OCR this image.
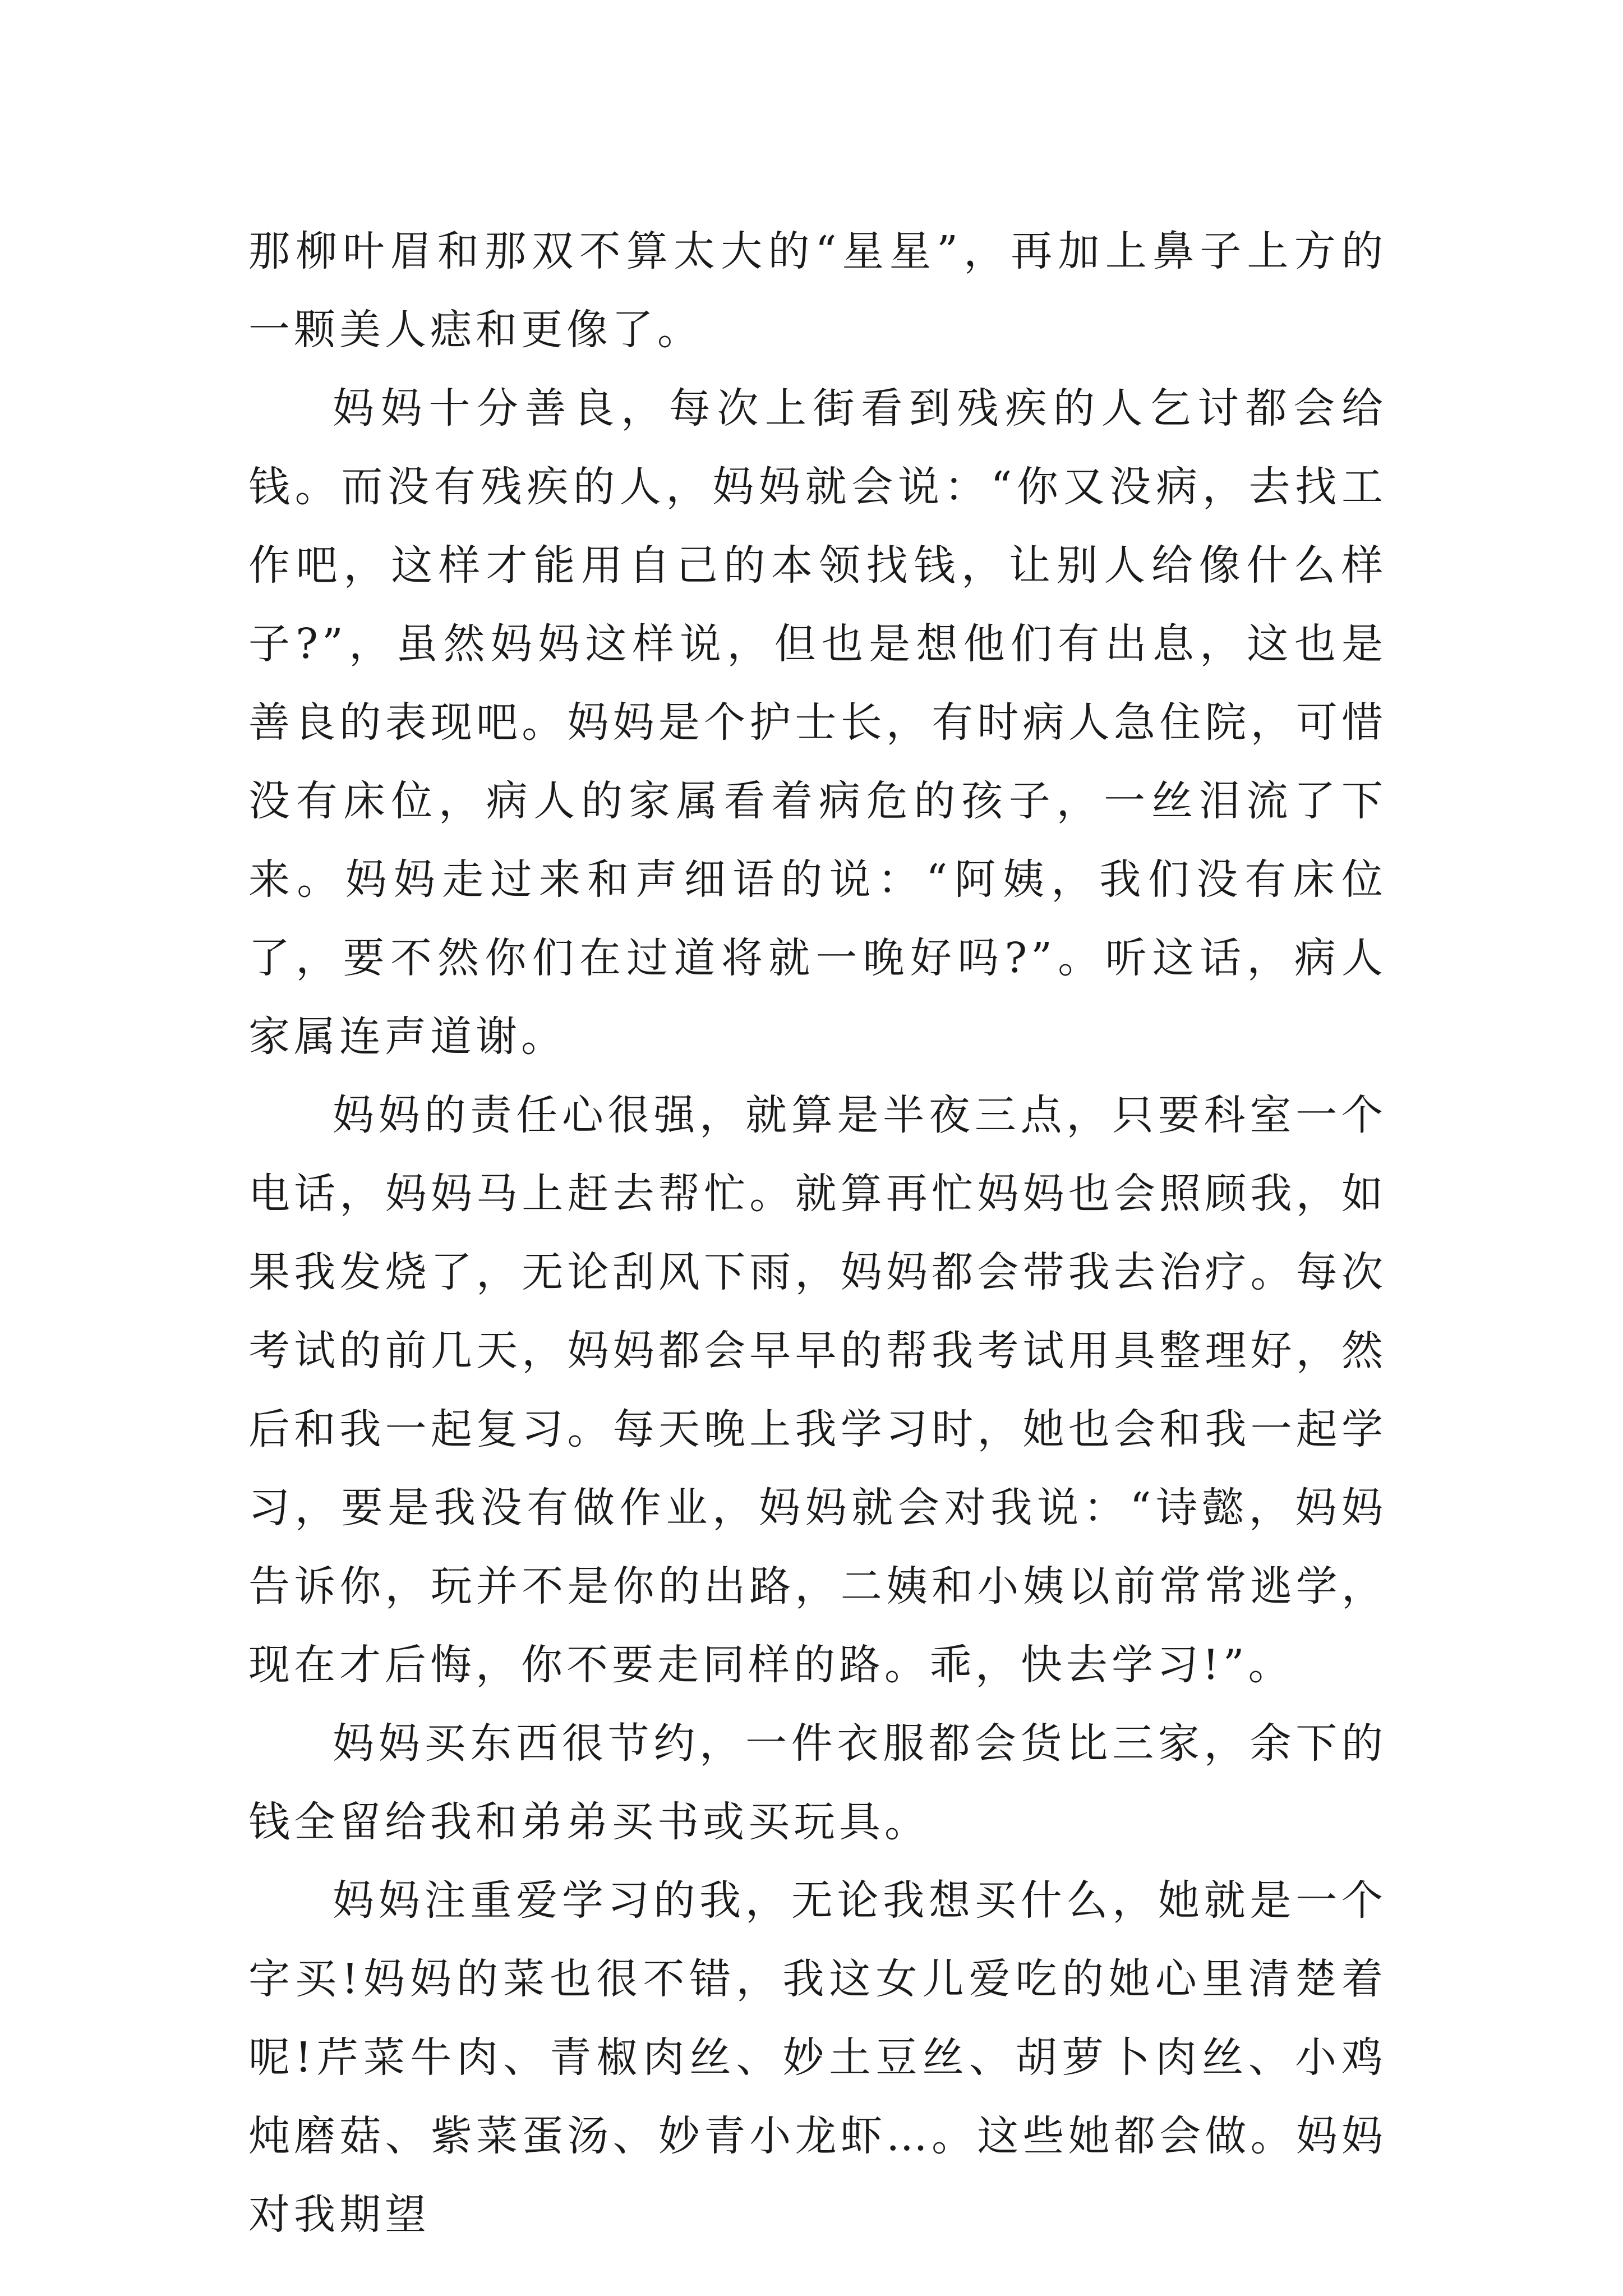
那柳叶眉和那双不算太大的“星星”，再加上鼻子上方的一颗美人痣和更像了。

妈妈十分善良，每次上街看到残疾的人乞讨都会给钱。而没有残疾的人，妈妈就会说：“你又没病，去找工作吧，这样才能用自己的本领找钱，让别人给像什么样子?”，虽然妈妈这样说，但也是想他们有出息，这也是善良的表现吧。妈妈是个护士长，有时病人急住院，可惜没有床位，病人的家属看着病危的孩子，一丝泪流了下来。妈妈走过来和声细语的说：“阿姨，我们没有床位了，要不然你们在过道将就一晚好吗?”。听这话，病人家属连声道谢。

妈妈的责任心很强，就算是半夜三点，只要科室一个电话，妈妈马上赶去帮忙。就算再忙妈妈也会照顾我，如果我发烧了，无论刮风下雨，妈妈都会带我去治疗。每次考试的前几天，妈妈都会早早的帮我考试用具整理好，然后和我一起复习。每天晚上我学习时，她也会和我一起学习，要是我没有做作业，妈妈就会对我说：“诗懿，妈妈告诉你，玩并不是你的出路，二姨和小姨以前常常逃学，现在才后悔，你不要走同样的路。乖，快去学习!”。

妈妈买东西很节约，一件衣服都会货比三家，余下的钱全留给我和弟弟买书或买玩具。

妈妈注重爱学习的我，无论我想买什么，她就是一个字买!妈妈的菜也很不错，我这女儿爱吃的她心里清楚着呢!芹菜牛肉、青椒肉丝、妙土豆丝、胡萝卜肉丝、小鸡炖磨菇、紫菜蛋汤、妙青小龙虾…。这些她都会做。妈妈对我期望
